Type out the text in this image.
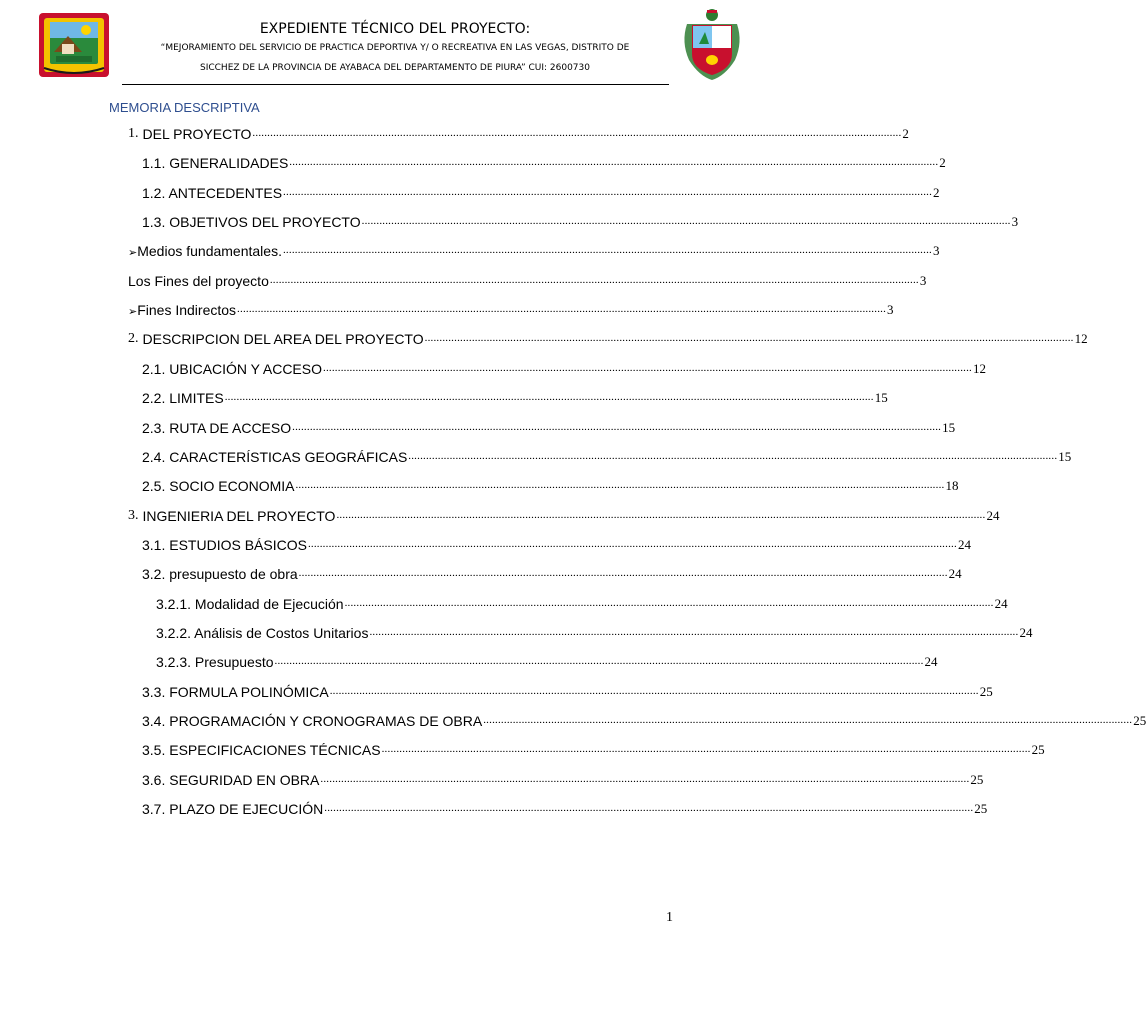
EXPEDIENTE TÉCNICO DEL PROYECTO:

“MEJORAMIENTO DEL SERVICIO DE PRACTICA DEPORTIVA Y/ O RECREATIVA EN LAS VEGAS, DISTRITO DE

SICCHEZ DE LA PROVINCIA DE AYABACA DEL DEPARTAMENTO DE PIURA” CUI: 2600730

MEMORIA DESCRIPTIVA
1. DEL PROYECTO ............................................................................................................................................................................................................................ 2
1.1. GENERALIDADES ............................................................................................................................................................................................................................ 2
1.2. ANTECEDENTES ............................................................................................................................................................................................................................ 2
1.3. OBJETIVOS DEL PROYECTO ............................................................................................................................................................................................................................ 3
➢ Medios fundamentales. ............................................................................................................................................................................................................................ 3
Los Fines del proyecto ............................................................................................................................................................................................................................ 3
➢ Fines Indirectos ............................................................................................................................................................................................................................ 3
2. DESCRIPCION DEL AREA DEL PROYECTO ............................................................................................................................................................................................................................ 12
2.1. UBICACIÓN Y ACCESO ............................................................................................................................................................................................................................ 12
2.2. LIMITES ............................................................................................................................................................................................................................ 15
2.3. RUTA DE ACCESO ............................................................................................................................................................................................................................ 15
2.4. CARACTERÍSTICAS GEOGRÁFICAS ............................................................................................................................................................................................................................ 15
2.5. SOCIO ECONOMIA ............................................................................................................................................................................................................................ 18
3. INGENIERIA DEL PROYECTO ............................................................................................................................................................................................................................ 24
3.1. ESTUDIOS BÁSICOS ............................................................................................................................................................................................................................ 24
3.2. presupuesto de obra ............................................................................................................................................................................................................................ 24
3.2.1. Modalidad de Ejecución ............................................................................................................................................................................................................................ 24
3.2.2. Análisis de Costos Unitarios ............................................................................................................................................................................................................................ 24
3.2.3. Presupuesto ............................................................................................................................................................................................................................ 24
3.3. FORMULA POLINÓMICA ............................................................................................................................................................................................................................ 25
3.4. PROGRAMACIÓN Y CRONOGRAMAS DE OBRA ............................................................................................................................................................................................................................ 25
3.5. ESPECIFICACIONES TÉCNICAS ............................................................................................................................................................................................................................ 25
3.6. SEGURIDAD EN OBRA ............................................................................................................................................................................................................................ 25
3.7. PLAZO DE EJECUCIÓN ............................................................................................................................................................................................................................ 25
1
